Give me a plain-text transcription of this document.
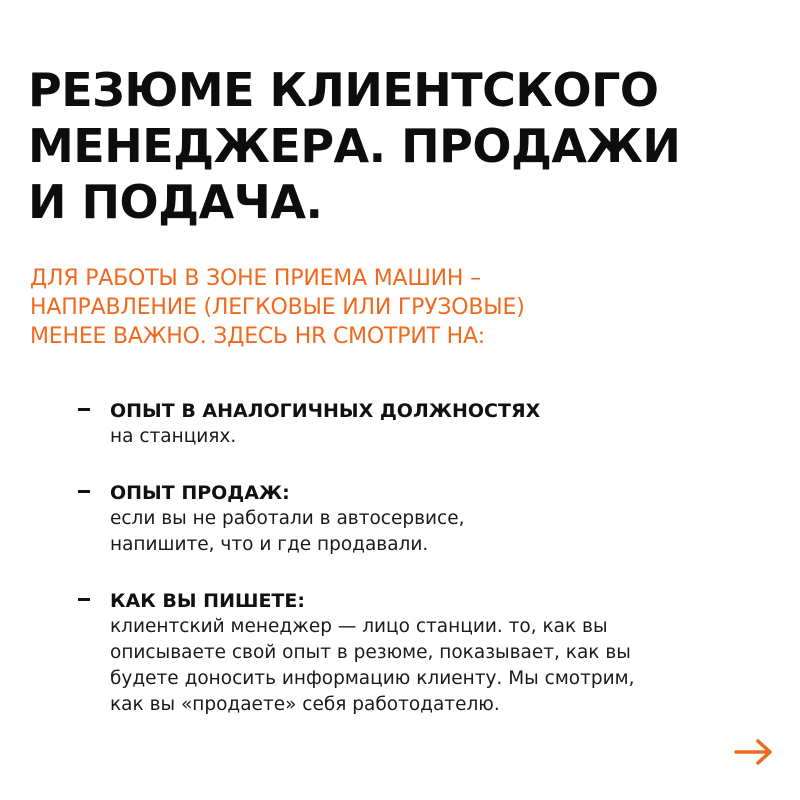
РЕЗЮМЕ КЛИЕНТСКОГО
МЕНЕДЖЕРА. ПРОДАЖИ
И ПОДАЧА.
ДЛЯ РАБОТЫ В ЗОНЕ ПРИЕМА МАШИН –
НАПРАВЛЕНИЕ (ЛЕГКОВЫЕ ИЛИ ГРУЗОВЫЕ)
МЕНЕЕ ВАЖНО. ЗДЕСЬ HR СМОТРИТ НА:
ОПЫТ В АНАЛОГИЧНЫХ ДОЛЖНОСТЯХ
на станциях.
ОПЫТ ПРОДАЖ:
если вы не работали в автосервисе,
напишите, что и где продавали.
КАК ВЫ ПИШЕТЕ:
клиентский менеджер — лицо станции. то, как вы
описываете свой опыт в резюме, показывает, как вы
будете доносить информацию клиенту. Мы смотрим,
как вы «продаете» себя работодателю.
